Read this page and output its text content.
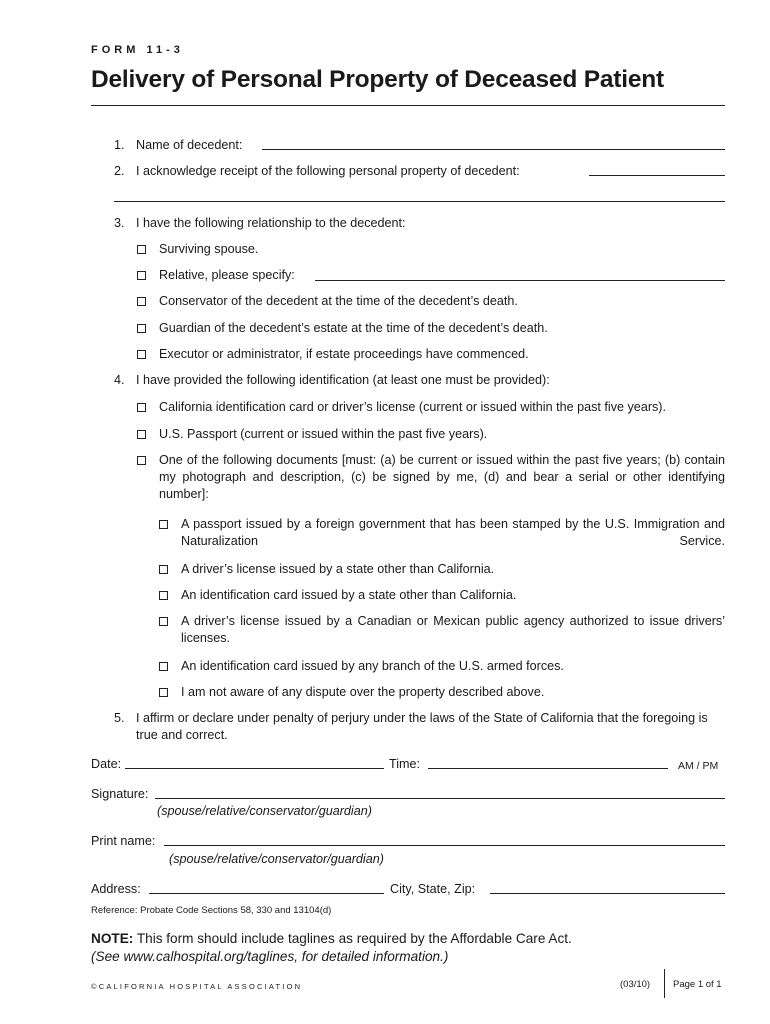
FORM 11-3
Delivery of Personal Property of Deceased Patient
1. Name of decedent:
2. I acknowledge receipt of the following personal property of decedent:
3. I have the following relationship to the decedent:
Surviving spouse.
Relative, please specify:
Conservator of the decedent at the time of the decedent’s death.
Guardian of the decedent’s estate at the time of the decedent’s death.
Executor or administrator, if estate proceedings have commenced.
4. I have provided the following identification (at least one must be provided):
California identification card or driver’s license (current or issued within the past five years).
U.S. Passport (current or issued within the past five years).
One of the following documents [must: (a) be current or issued within the past five years; (b) contain my photograph and description, (c) be signed by me, (d) and bear a serial or other identifying number]:
A passport issued by a foreign government that has been stamped by the U.S. Immigration and Naturalization Service.
A driver’s license issued by a state other than California.
An identification card issued by a state other than California.
A driver’s license issued by a Canadian or Mexican public agency authorized to issue drivers’ licenses.
An identification card issued by any branch of the U.S. armed forces.
I am not aware of any dispute over the property described above.
5. I affirm or declare under penalty of perjury under the laws of the State of California that the foregoing is true and correct.
Date:	Time:	AM / PM
Signature:
(spouse/relative/conservator/guardian)
Print name:
(spouse/relative/conservator/guardian)
Address:	City, State, Zip:
Reference: Probate Code Sections 58, 330 and 13104(d)
NOTE: This form should include taglines as required by the Affordable Care Act.
(See www.calhospital.org/taglines, for detailed information.)
©CALIFORNIA HOSPITAL ASSOCIATION	(03/10) Page 1 of 1
